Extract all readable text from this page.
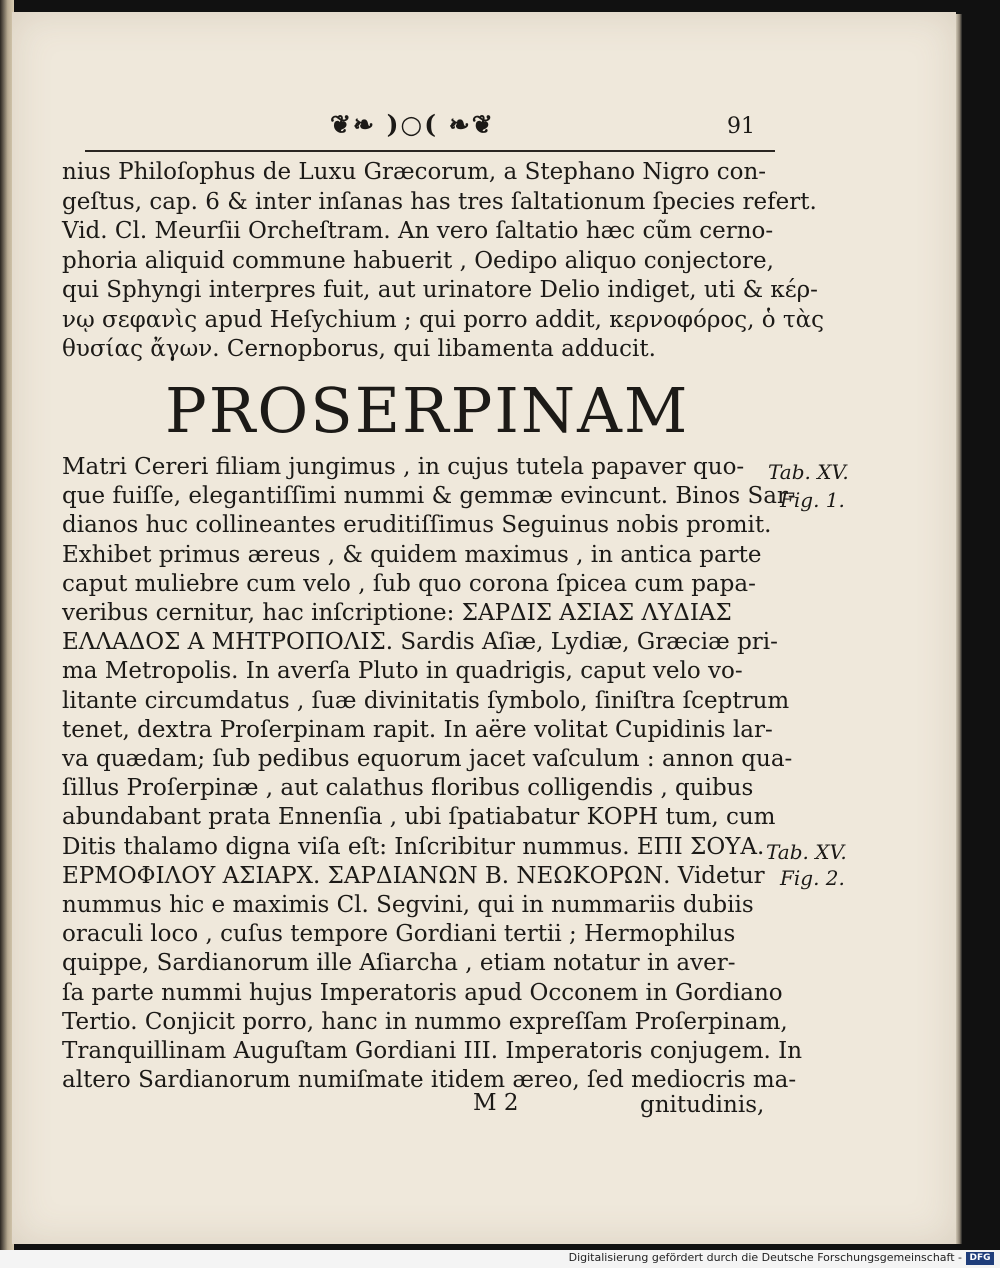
❦❧ )○( ❧❦	91
nius Philoſophus de Luxu Græcorum, a Stephano Nigro con-
geſtus, cap. 6 & inter inſanas has tres ſaltationum ſpecies refert.
Vid. Cl. Meurſii Orcheſtram. An vero ſaltatio hæc cũm cerno-
phoria aliquid commune habuerit , Oedipo aliquo conjectore,
qui Sphyngi interpres fuit, aut urinatore Delio indiget, uti & κέρ-
νῳ σεφανὶς apud Heſychium ; qui porro addit, κερνοφόρος, ὁ τὰς
θυσίας ἄγων. Cernopborus, qui libamenta adducit.
PROSERPINAM
Matri Cereri filiam jungimus , in cujus tutela papaver quo-
que fuiſſe, elegantiſſimi nummi & gemmæ evincunt. Binos Sar-
dianos huc collineantes eruditiſſimus Seguinus nobis promit.
Exhibet primus æreus , & quidem maximus , in antica parte
caput muliebre cum velo , ſub quo corona ſpicea cum papa-
veribus cernitur, hac inſcriptione: ΣΑΡΔΙΣ ΑΣΙΑΣ ΛΥΔΙΑΣ
ΕΛΛΑΔΟΣ Α ΜΗΤΡΟΠΟΛΙΣ. Sardis Aſiæ, Lydiæ, Græciæ pri-
ma Metropolis. In averſa Pluto in quadrigis, caput velo vo-
litante circumdatus , ſuæ divinitatis ſymbolo, ſiniſtra ſceptrum
tenet, dextra Proſerpinam rapit. In aëre volitat Cupidinis lar-
va quædam; ſub pedibus equorum jacet vaſculum : annon qua-
ſillus Proſerpinæ , aut calathus floribus colligendis , quibus
abundabant prata Ennenſia , ubi ſpatiabatur ΚΟΡΗ tum, cum
Ditis thalamo digna viſa eſt: Inſcribitur nummus. ΕΠΙ ΣΟΥΑ.
ΕΡΜΟΦΙΛΟΥ ΑΣΙΑΡΧ. ΣΑΡΔΙΑΝΩΝ Β. ΝΕΩΚΟΡΩΝ. Videtur
nummus hic e maximis Cl. Segvini, qui in nummariis dubiis
oraculi loco , cuſus tempore Gordiani tertii ; Hermophilus
quippe, Sardianorum ille Aſiarcha , etiam notatur in aver-
ſa parte nummi hujus Imperatoris apud Occonem in Gordiano
Tertio. Conjicit porro, hanc in nummo expreſſam Proſerpinam,
Tranquillinam Auguſtam Gordiani III. Imperatoris conjugem. In
altero Sardianorum numiſmate itidem æreo, ſed mediocris ma-
Tab. XV.
Fig. 1.
Tab. XV.
Fig. 2.
M 2	gnitudinis,
Digitalisierung gefördert durch die Deutsche Forschungsgemeinschaft - DFG
